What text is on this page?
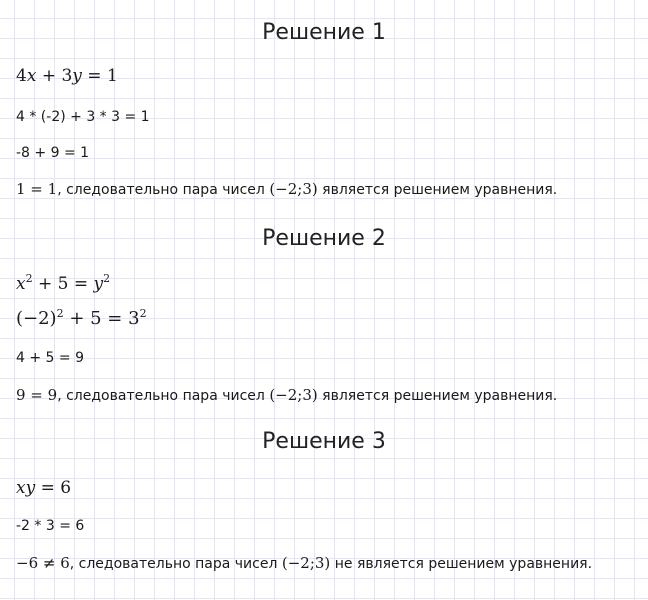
Решение 1
4x + 3y = 1
4 * (-2) + 3 * 3 = 1
-8 + 9 = 1
1 = 1, следовательно пара чисел (−2;3) является решением уравнения.
Решение 2
$x^2 + 5 = y^2$
$(-2)^2 + 5 = 3^2$
4 + 5 = 9
9 = 9, следовательно пара чисел (−2;3) является решением уравнения.
Решение 3
xy = 6
-2 * 3 = 6
−6 ≠ 6, следовательно пара чисел (−2;3) не является решением уравнения.
